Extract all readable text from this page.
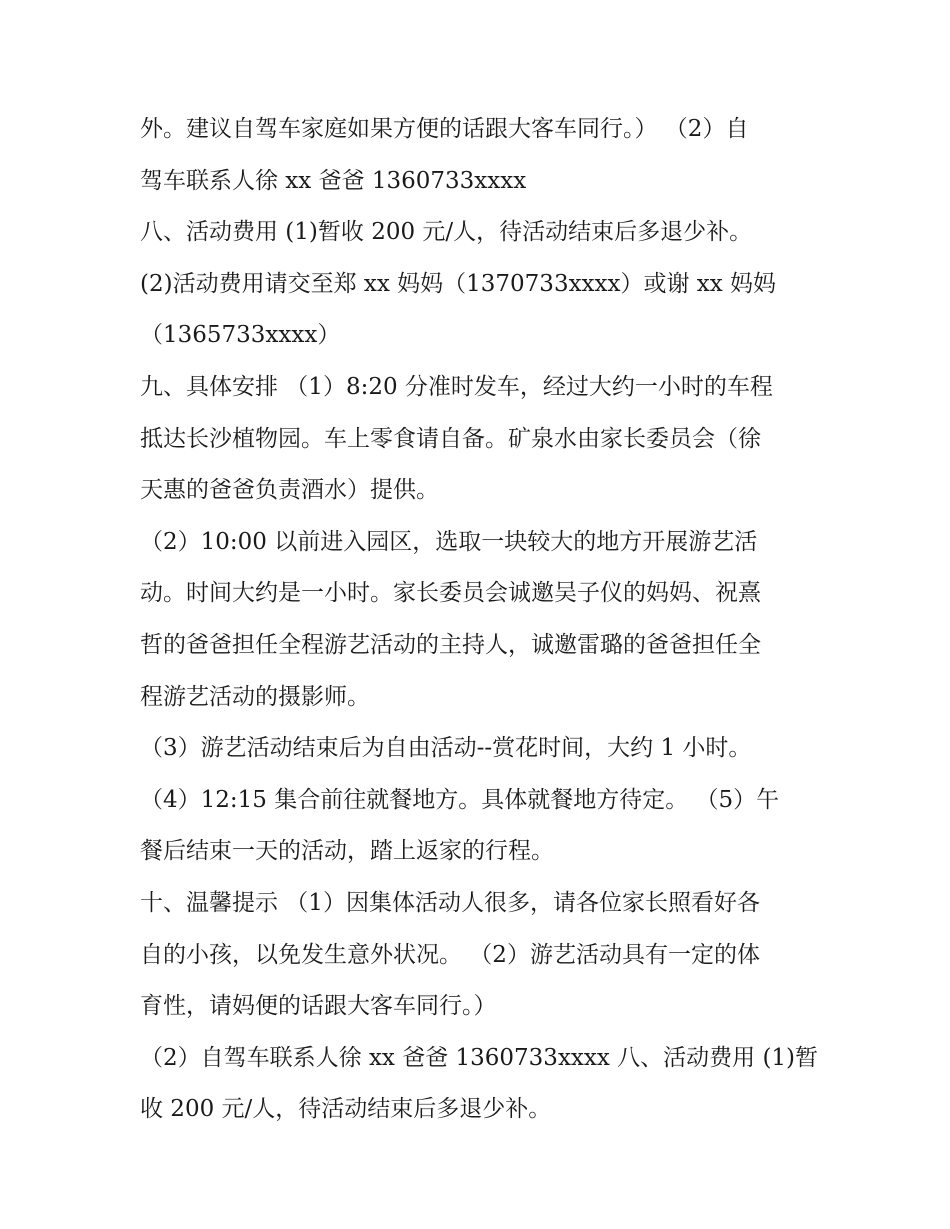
外。建议自驾车家庭如果方便的话跟大客车同行。） （2）自
驾车联系人徐 xx 爸爸 1360733xxxx
八、活动费用 (1)暂收 200 元/人，待活动结束后多退少补。
(2)活动费用请交至郑 xx 妈妈（1370733xxxx）或谢 xx 妈妈
（1365733xxxx）
九、具体安排 （1）8:20 分准时发车，经过大约一小时的车程
抵达长沙植物园。车上零食请自备。矿泉水由家长委员会（徐
天惠的爸爸负责酒水）提供。
（2）10:00 以前进入园区，选取一块较大的地方开展游艺活
动。时间大约是一小时。家长委员会诚邀吴子仪的妈妈、祝熹
哲的爸爸担任全程游艺活动的主持人，诚邀雷璐的爸爸担任全
程游艺活动的摄影师。
（3）游艺活动结束后为自由活动--赏花时间，大约 1 小时。
（4）12:15 集合前往就餐地方。具体就餐地方待定。 （5）午
餐后结束一天的活动，踏上返家的行程。
十、温馨提示 （1）因集体活动人很多，请各位家长照看好各
自的小孩，以免发生意外状况。 （2）游艺活动具有一定的体
育性，请妈便的话跟大客车同行。）
（2）自驾车联系人徐 xx 爸爸 1360733xxxx 八、活动费用 (1)暂
收 200 元/人，待活动结束后多退少补。
